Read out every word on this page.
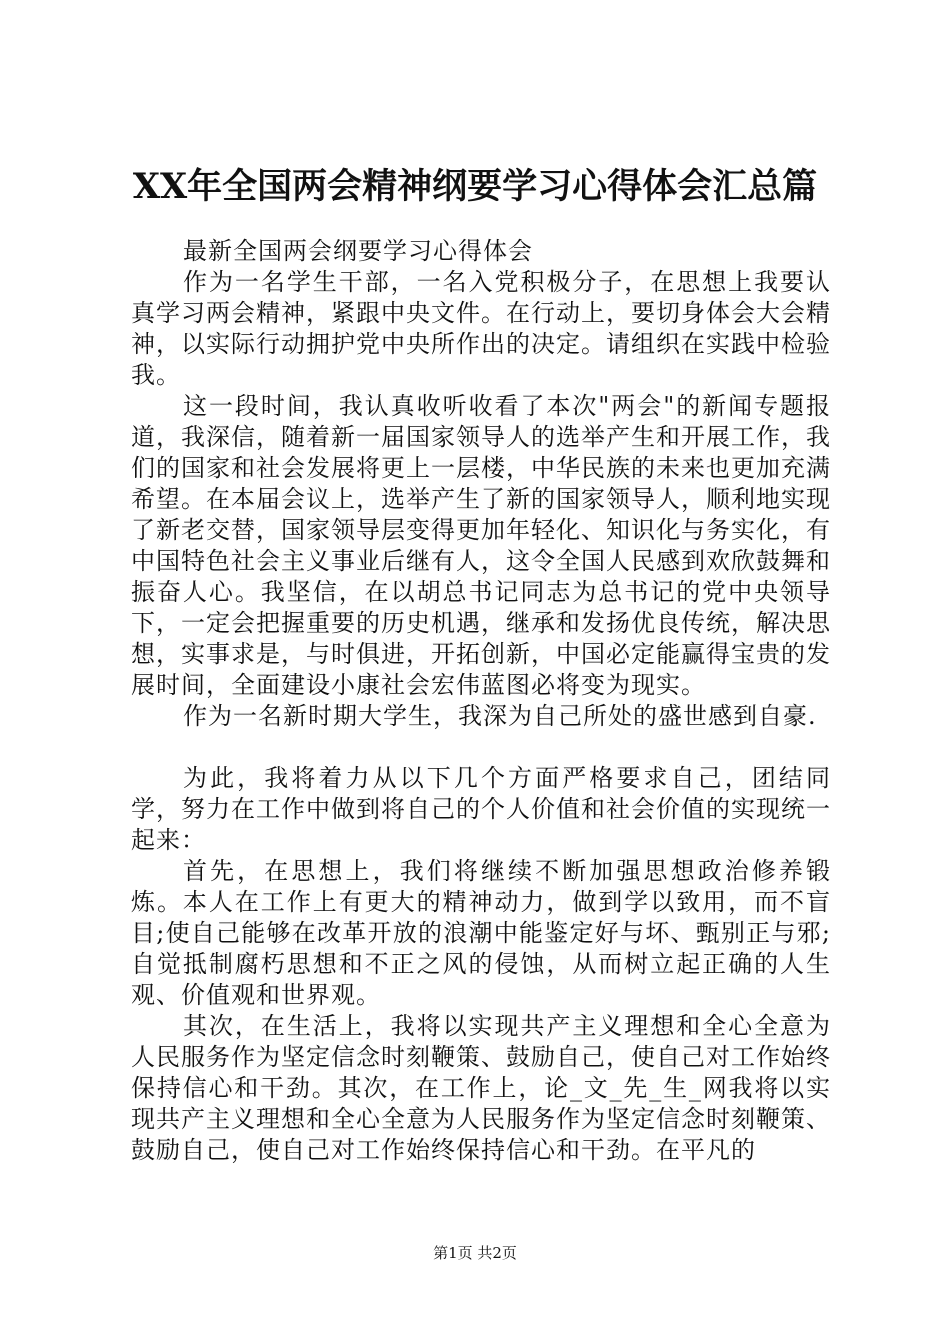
XX年全国两会精神纲要学习心得体会汇总篇

最新全国两会纲要学习心得体会

作为一名学生干部，一名入党积极分子，在思想上我要认真学习两会精神，紧跟中央文件。在行动上，要切身体会大会精神，以实际行动拥护党中央所作出的决定。请组织在实践中检验我。

这一段时间，我认真收听收看了本次"两会"的新闻专题报道，我深信，随着新一届国家领导人的选举产生和开展工作，我们的国家和社会发展将更上一层楼，中华民族的未来也更加充满希望。在本届会议上，选举产生了新的国家领导人，顺利地实现了新老交替，国家领导层变得更加年轻化、知识化与务实化，有中国特色社会主义事业后继有人，这令全国人民感到欢欣鼓舞和振奋人心。我坚信，在以胡总书记同志为总书记的党中央领导下，一定会把握重要的历史机遇，继承和发扬优良传统，解决思想，实事求是，与时俱进，开拓创新，中国必定能赢得宝贵的发展时间，全面建设小康社会宏伟蓝图必将变为现实。

作为一名新时期大学生，我深为自己所处的盛世感到自豪.

为此，我将着力从以下几个方面严格要求自己，团结同学，努力在工作中做到将自己的个人价值和社会价值的实现统一起来：

首先，在思想上，我们将继续不断加强思想政治修养锻炼。本人在工作上有更大的精神动力，做到学以致用，而不盲目;使自己能够在改革开放的浪潮中能鉴定好与坏、甄别正与邪;自觉抵制腐朽思想和不正之风的侵蚀，从而树立起正确的人生观、价值观和世界观。

其次，在生活上，我将以实现共产主义理想和全心全意为人民服务作为坚定信念时刻鞭策、鼓励自己，使自己对工作始终保持信心和干劲。其次，在工作上，论_文_先_生_网我将以实现共产主义理想和全心全意为人民服务作为坚定信念时刻鞭策、鼓励自己，使自己对工作始终保持信心和干劲。在平凡的

第1页 共2页
